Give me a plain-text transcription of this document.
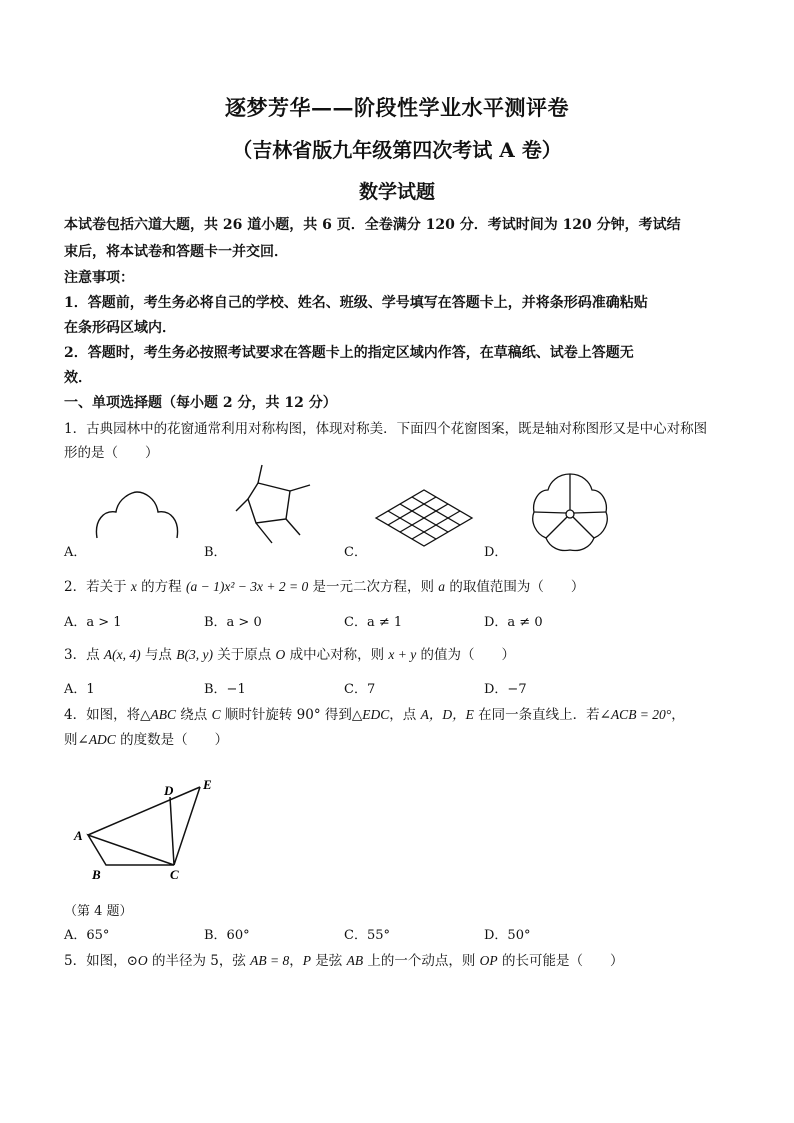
逐梦芳华——阶段性学业水平测评卷
（吉林省版九年级第四次考试 A 卷）
数学试题
本试卷包括六道大题，共 26 道小题，共 6 页．全卷满分 120 分．考试时间为 120 分钟，考试结
束后，将本试卷和答题卡一并交回．
注意事项：
1．答题前，考生务必将自己的学校、姓名、班级、学号填写在答题卡上，并将条形码准确粘贴
在条形码区域内．
2．答题时，考生务必按照考试要求在答题卡上的指定区域内作答，在草稿纸、试卷上答题无
效．
一、单项选择题（每小题 2 分，共 12 分）
1．古典园林中的花窗通常利用对称构图，体现对称美．下面四个花窗图案，既是轴对称图形又是中心对称图
形的是（　　）
A．	B．	C．	D．
2．若关于 x 的方程 (a − 1)x² − 3x + 2 = 0 是一元二次方程，则 a 的取值范围为（　　）
A．a > 1	B．a > 0	C．a ≠ 1	D．a ≠ 0
3．点 A(x, 4) 与点 B(3, y) 关于原点 O 成中心对称，则 x + y 的值为（　　）
A．1	B．−1	C．7	D．−7
4．如图，将△ABC 绕点 C 顺时针旋转 90° 得到△EDC，点 A，D，E 在同一条直线上．若∠ACB = 20°，
则∠ADC 的度数是（　　）
A
B	C
D E
（第 4 题）
A．65°	B．60°	C．55°	D．50°
5．如图，⊙O 的半径为 5，弦 AB = 8，P 是弦 AB 上的一个动点，则 OP 的长可能是（　　）
